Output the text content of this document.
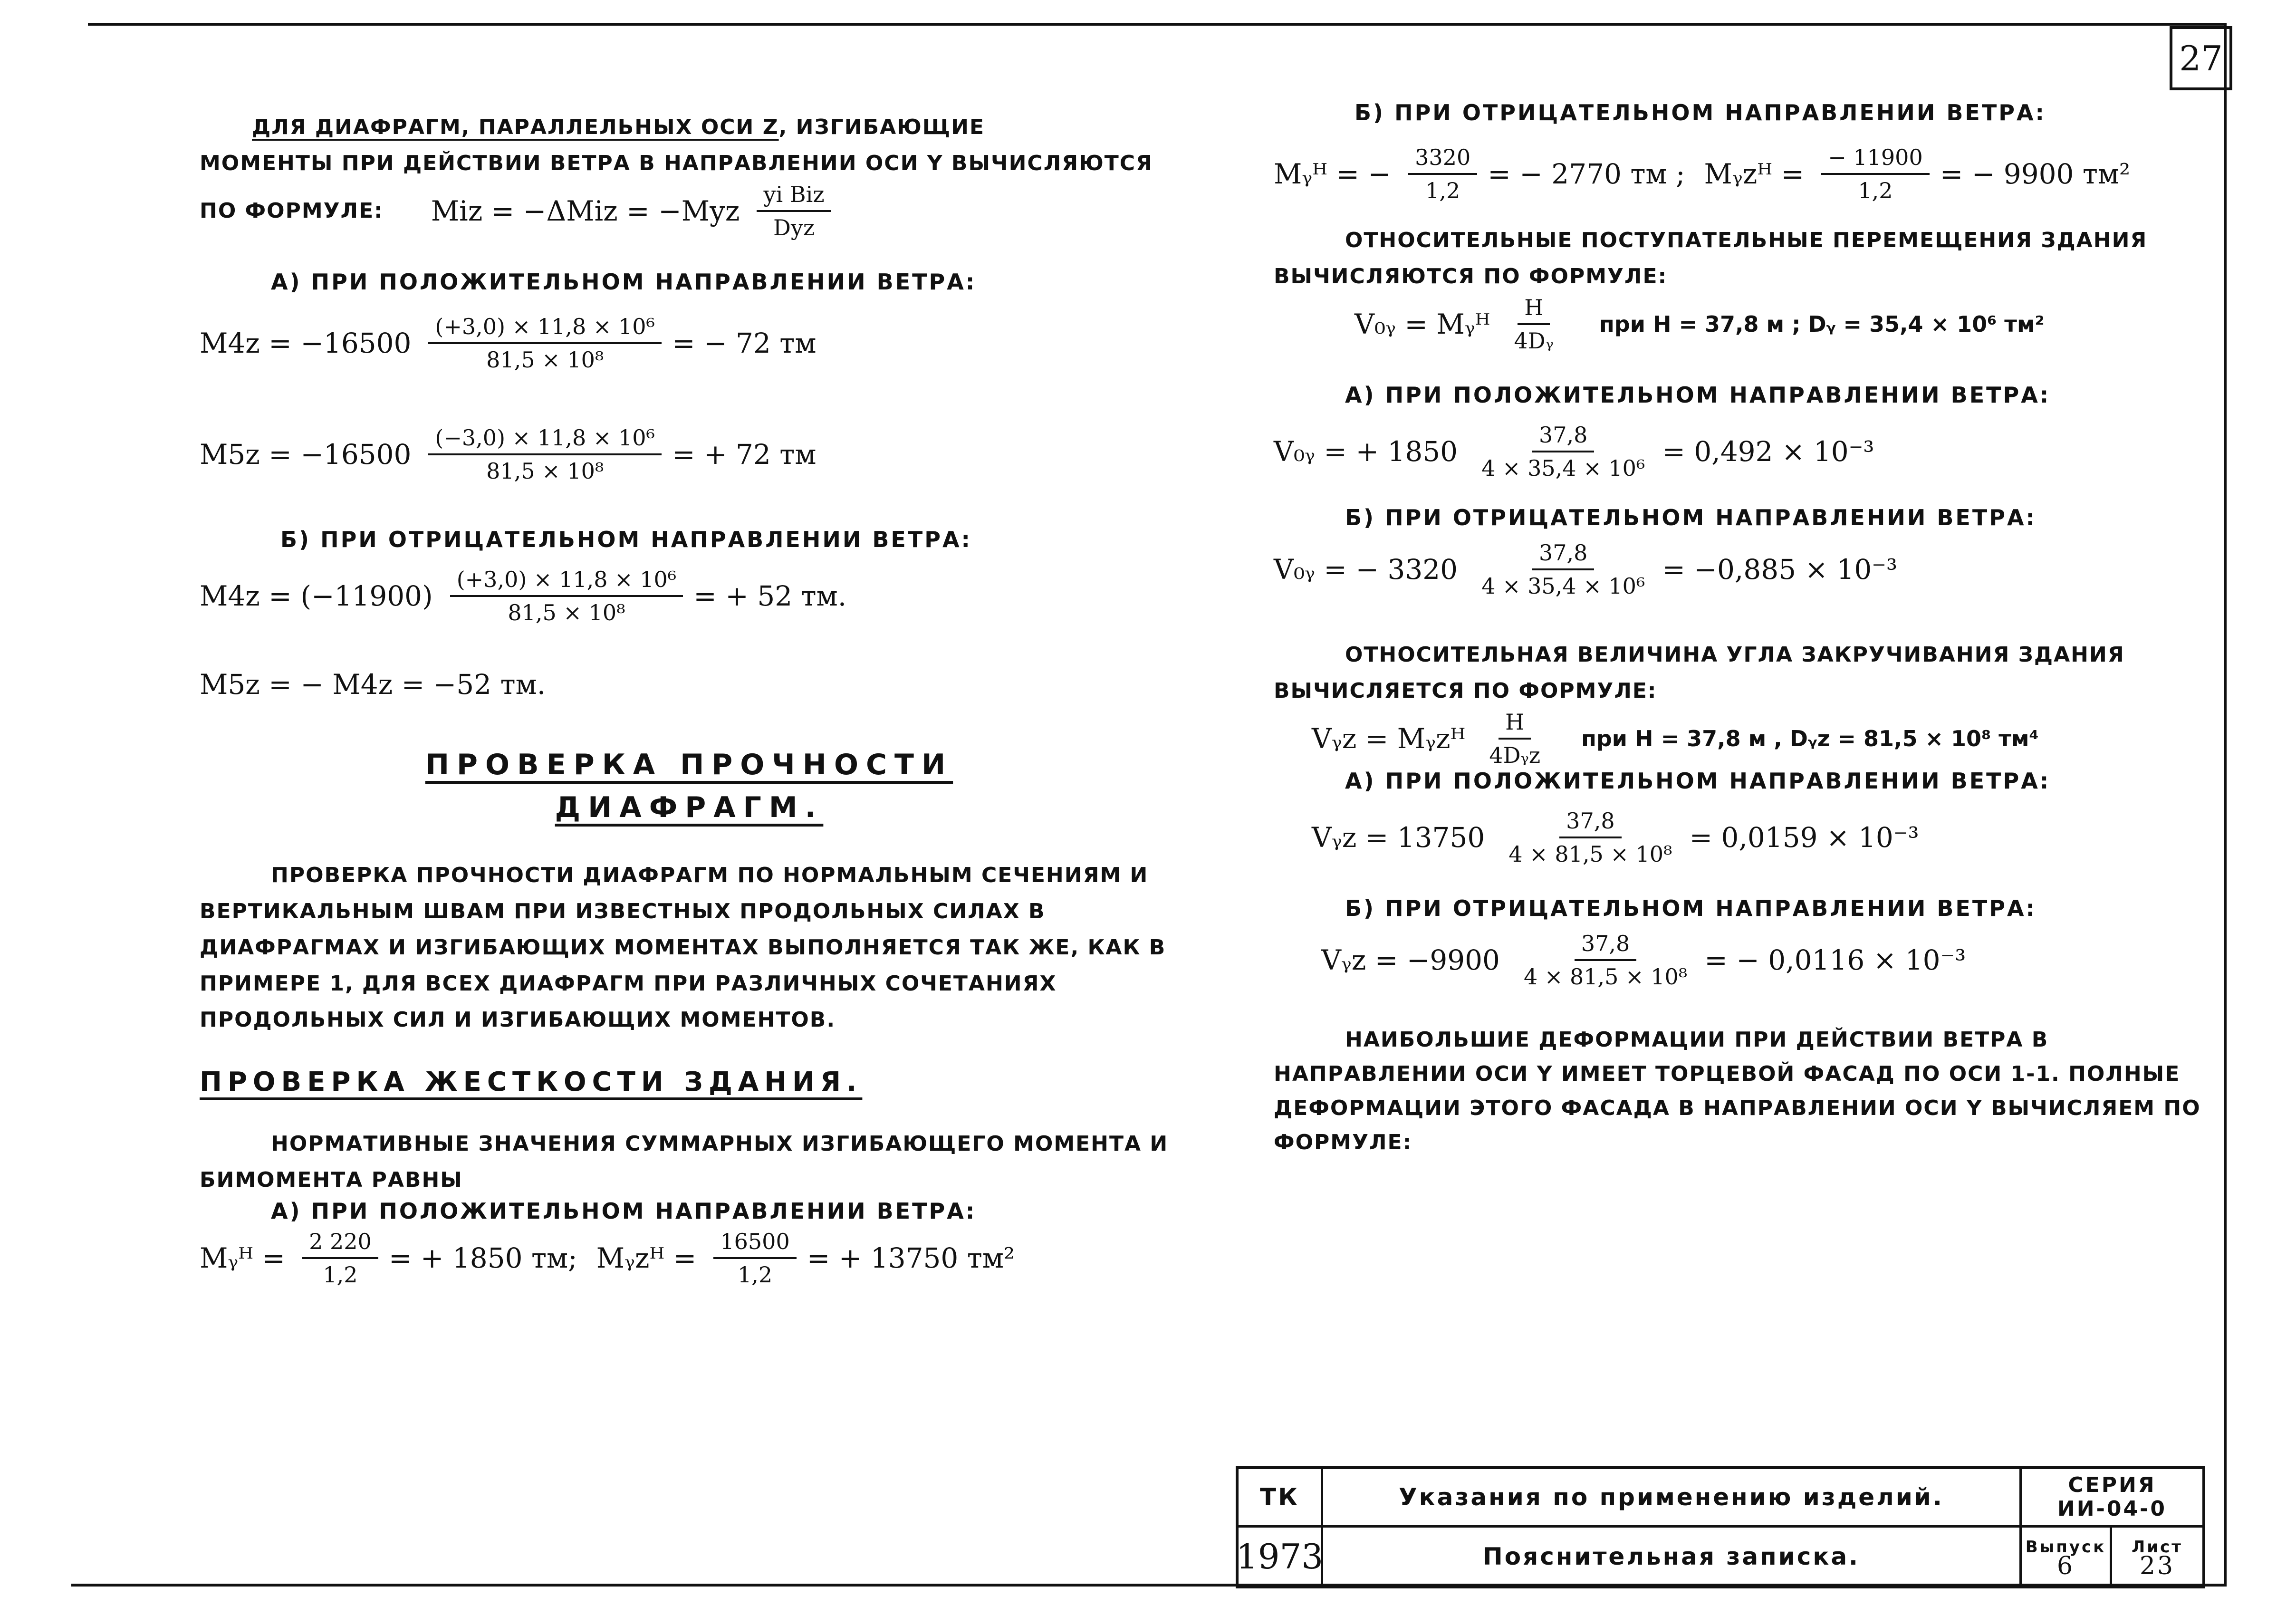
27

ДЛЯ ДИАФРАГМ, ПАРАЛЛЕЛЬНЫХ ОСИ Z, ИЗГИБАЮЩИЕ

МОМЕНТЫ ПРИ ДЕЙСТВИИ ВЕТРА В НАПРАВЛЕНИИ ОСИ Y ВЫЧИСЛЯЮТСЯ

ПО ФОРМУЛЕ: Miz = $-\Delta Miz = -Myz \frac{\text{yi Biz}}{\text{Dyz}}$

А) ПРИ ПОЛОЖИТЕЛЬНОМ НАПРАВЛЕНИИ ВЕТРА:

$M4z = -16500 \frac{\text{(+3,0) × 11,8 × 10⁶}}{\text{81,5 × 10⁸}}$ = − 72 тм
$M5z = -16500 \frac{\text{(−3,0) × 11,8 × 10⁶}}{\text{81,5 × 10⁸}}$ = + 72 тм

Б) ПРИ ОТРИЦАТЕЛЬНОМ НАПРАВЛЕНИИ ВЕТРА:

$M4z = (-11900) \frac{\text{(+3,0) × 11,8 × 10⁶}}{\text{81,5 × 10⁸}}$ = + 52 тм.
M5z = − M4z = −52 тм.

ПРОВЕРКА ПРОЧНОСТИ

ДИАФРАГМ.

ПРОВЕРКА ПРОЧНОСТИ ДИАФРАГМ ПО НОРМАЛЬНЫМ СЕЧЕНИЯМ И ВЕРТИКАЛЬНЫМ ШВАМ ПРИ ИЗВЕСТНЫХ ПРОДОЛЬНЫХ СИЛАХ В ДИАФРАГМАХ И ИЗГИБАЮЩИХ МОМЕНТАХ ВЫПОЛНЯЕТСЯ ТАК ЖЕ, КАК В ПРИМЕРЕ 1, ДЛЯ ВСЕХ ДИАФРАГМ ПРИ РАЗЛИЧНЫХ СОЧЕТАНИЯХ ПРОДОЛЬНЫХ СИЛ И ИЗГИБАЮЩИХ МОМЕНТОВ.

ПРОВЕРКА ЖЕСТКОСТИ ЗДАНИЯ.

НОРМАТИВНЫЕ ЗНАЧЕНИЯ СУММАРНЫХ ИЗГИБАЮЩЕГО МОМЕНТА И БИМОМЕНТА РАВНЫ

А) ПРИ ПОЛОЖИТЕЛЬНОМ НАПРАВЛЕНИИ ВЕТРА:

Mᵧᴴ = $\frac{2 220}{1,2}$ = + 1850 тм; Mᵧzᴴ = $\frac{16500}{1,2}$ = + 13750 тм²

Б) ПРИ ОТРИЦАТЕЛЬНОМ НАПРАВЛЕНИИ ВЕТРА:

Mᵧᴴ = − $\frac{3320}{1,2}$ = − 2770 тм ; Mᵧzᴴ = $\frac{- 11900}{1,2}$ = − 9900 тм²

ОТНОСИТЕЛЬНЫЕ ПОСТУПАТЕЛЬНЫЕ ПЕРЕМЕЩЕНИЯ ЗДАНИЯ ВЫЧИСЛЯЮТСЯ ПО ФОРМУЛЕ:

V₀ᵧ = Mᵧᴴ $\frac{H}{\text{4Dᵧ}}$ при H = 37,8 м ; Dᵧ = 35,4 × 10⁶ тм²

А) ПРИ ПОЛОЖИТЕЛЬНОМ НАПРАВЛЕНИИ ВЕТРА:

V₀ᵧ = + $1850 \frac{37,8}{\text{4 × 35,4 × 10⁶}} = 0,492 \times 10^{-3}$

Б) ПРИ ОТРИЦАТЕЛЬНОМ НАПРАВЛЕНИИ ВЕТРА:

V₀ᵧ = − $3320 \frac{37,8}{\text{4 × 35,4 × 10⁶}} = -0,885 \times 10^{-3}$

ОТНОСИТЕЛЬНАЯ ВЕЛИЧИНА УГЛА ЗАКРУЧИВАНИЯ ЗДАНИЯ ВЫЧИСЛЯЕТСЯ ПО ФОРМУЛЕ:

Vᵧz = Mᵧzᴴ $\frac{H}{\text{4Dᵧz}}$ при H = 37,8 м , Dᵧz = 81,5 × 10⁸ тм⁴

А) ПРИ ПОЛОЖИТЕЛЬНОМ НАПРАВЛЕНИИ ВЕТРА:

Vᵧz = $13750 \frac{37,8}{\text{4 × 81,5 × 10⁸}} = 0,0159 \times 10^{-3}$

Б) ПРИ ОТРИЦАТЕЛЬНОМ НАПРАВЛЕНИИ ВЕТРА:

Vᵧz = $-9900 \frac{37,8}{\text{4 × 81,5 × 10⁸}}$ = − 0,0116 × 10⁻³

НАИБОЛЬШИЕ ДЕФОРМАЦИИ ПРИ ДЕЙСТВИИ ВЕТРА В НАПРАВЛЕНИИ ОСИ Y ИМЕЕТ ТОРЦЕВОЙ ФАСАД ПО ОСИ 1-1. ПОЛНЫЕ ДЕФОРМАЦИИ ЭТОГО ФАСАДА В НАПРАВЛЕНИИ ОСИ Y ВЫЧИСЛЯЕМ ПО ФОРМУЛЕ:

ТК	Указания по применению изделий.	СЕРИЯ
ИИ-04-0
1973	Пояснительная записка.	Выпуск
6
Лист
23
